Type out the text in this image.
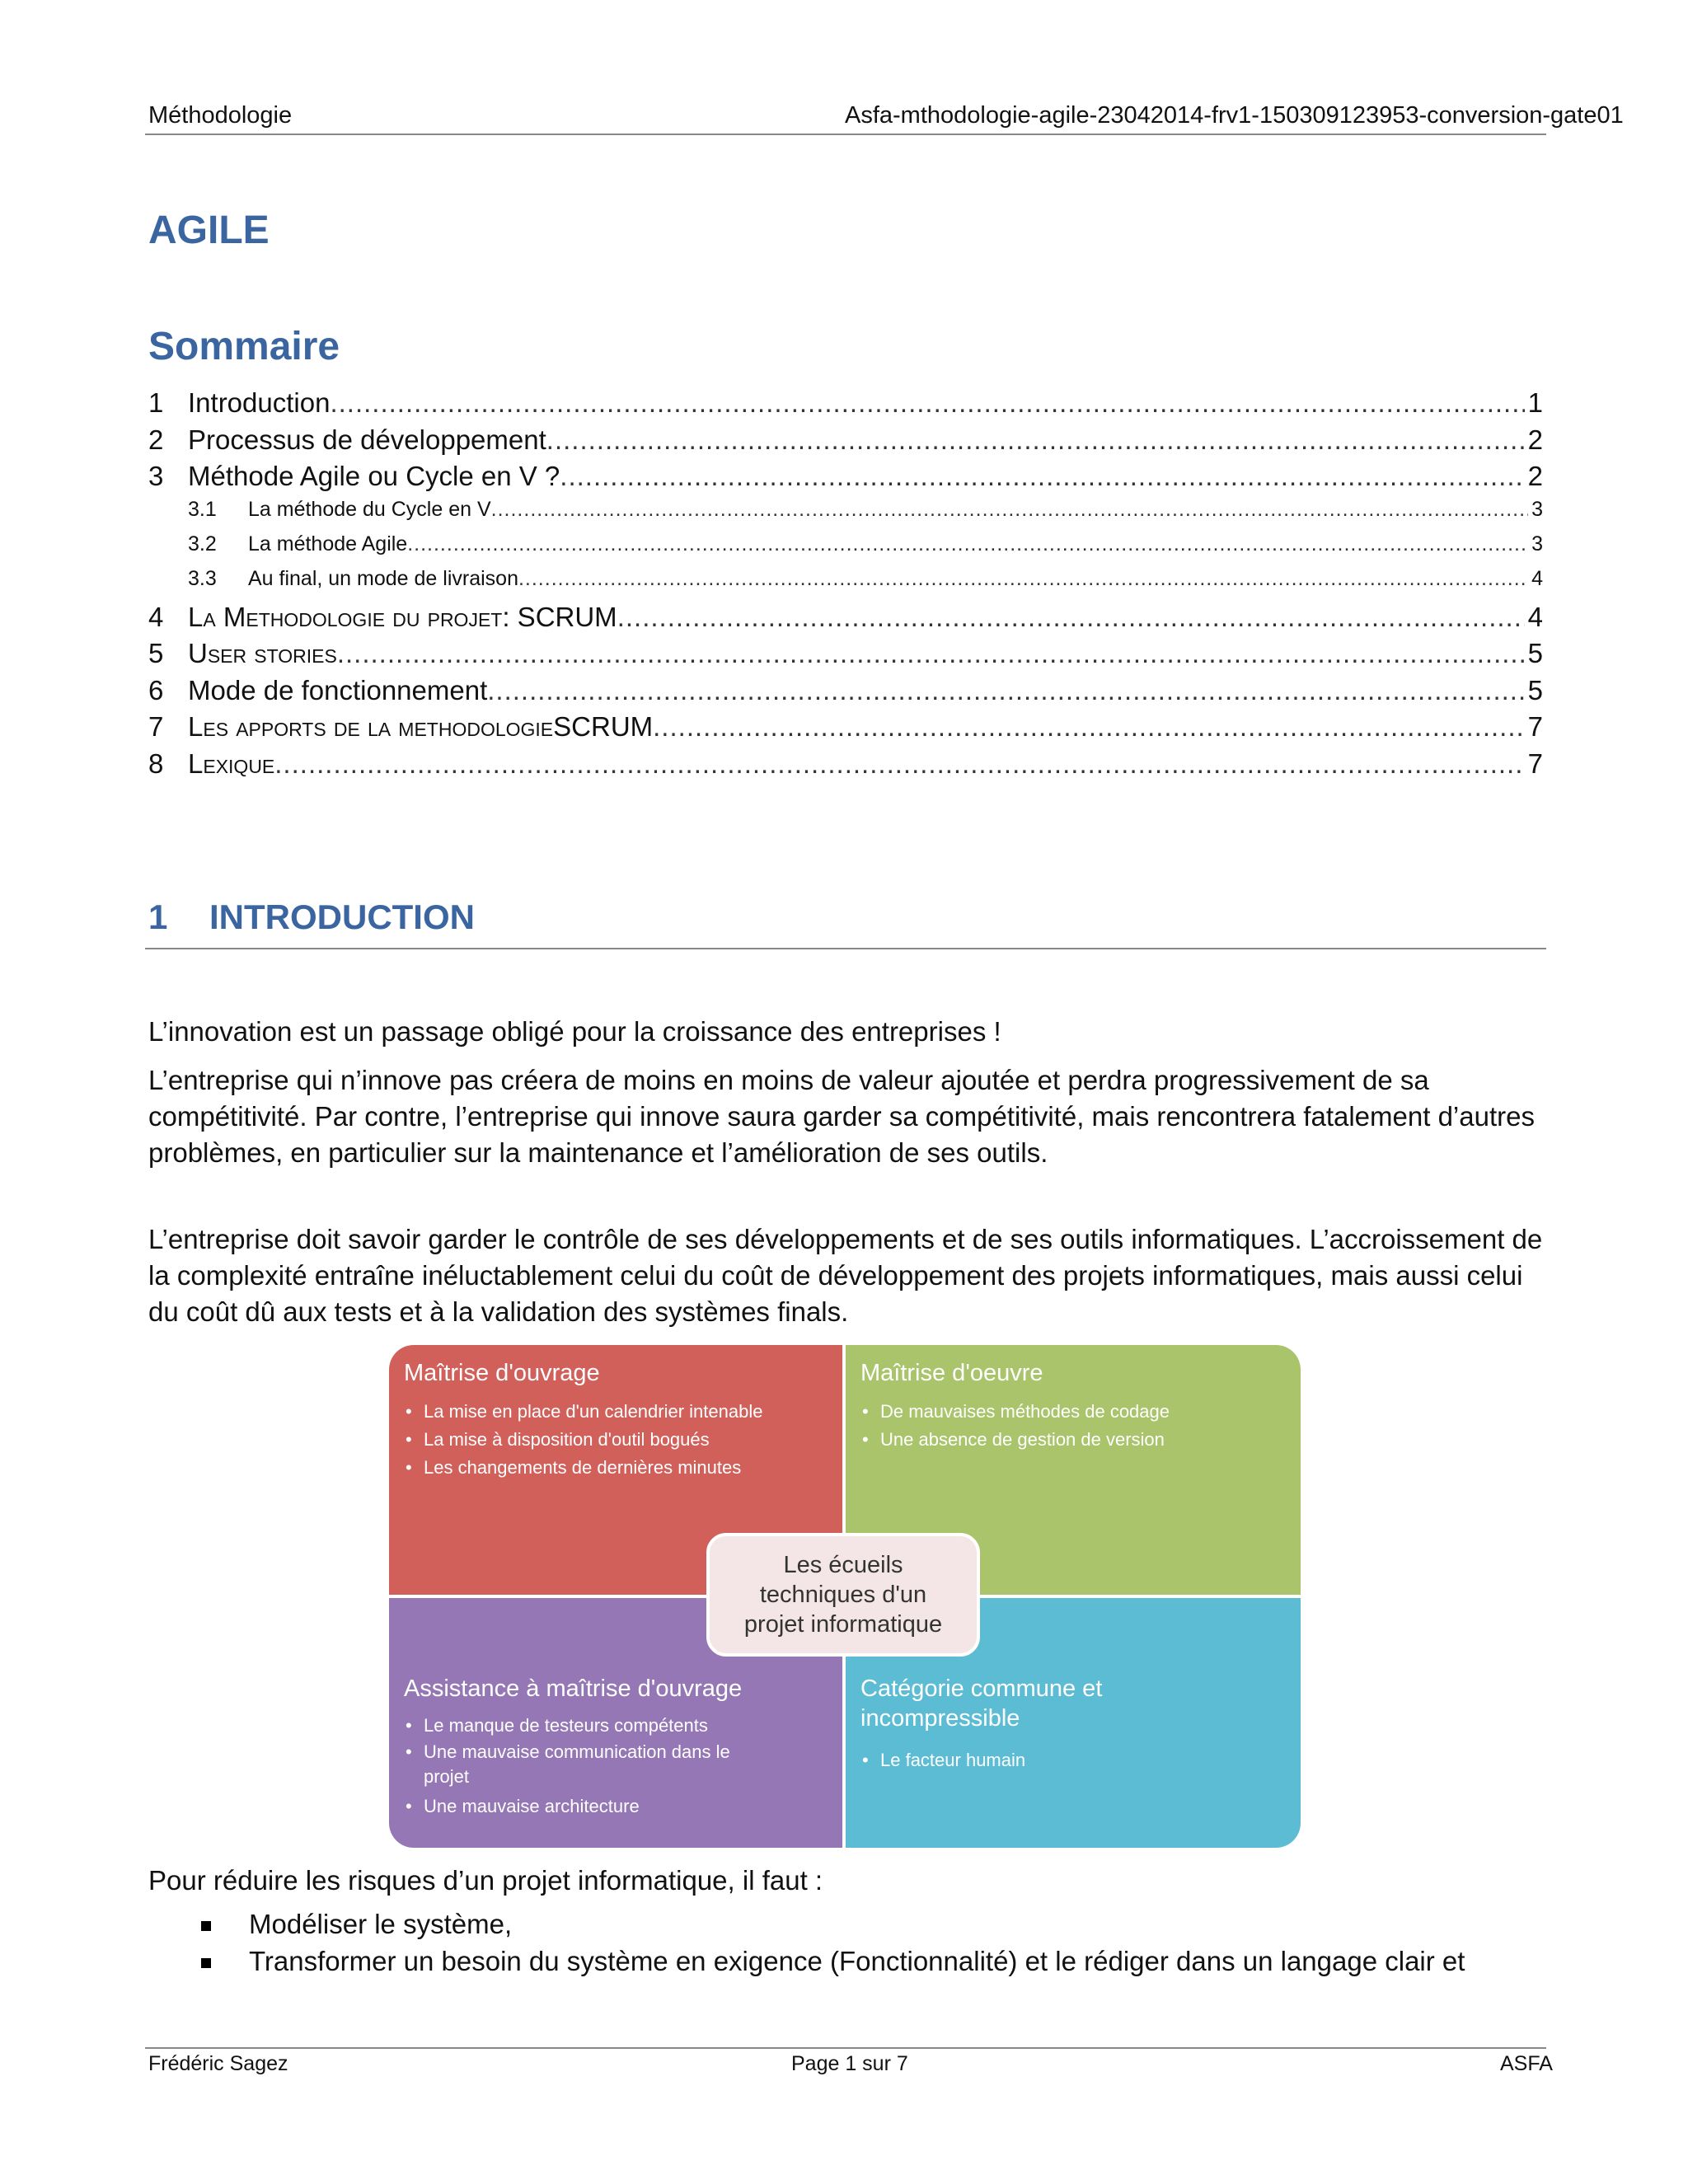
Méthodologie	Asfa-mthodologie-agile-23042014-frv1-150309123953-conversion-gate01
AGILE
Sommaire
1 Introduction .....	1
2 Processus de développement .....	2
3 Méthode Agile ou Cycle en V ? .....	2
3.1	La méthode du Cycle en V .....	3
3.2	La méthode Agile .....	3
3.3	Au final, un mode de livraison .....	4
4 La Methodologie du projet : SCRUM .....	4
5 User stories .....	5
6 Mode de fonctionnement .....	5
7 Les apports de la methodologie SCRUM .....	7
8 Lexique .....	7
1 INTRODUCTION
L’innovation est un passage obligé pour la croissance des entreprises !
L’entreprise qui n’innove pas créera de moins en moins de valeur ajoutée et perdra progressivement de sa compétitivité. Par contre, l’entreprise qui innove saura garder sa compétitivité, mais rencontrera fatalement d’autres problèmes, en particulier sur la maintenance et l’amélioration de ses outils.
L’entreprise doit savoir garder le contrôle de ses développements et de ses outils informatiques. L’accroissement de la complexité entraîne inéluctablement celui du coût de développement des projets informatiques, mais aussi celui du coût dû aux tests et à la validation des systèmes finals.
Maîtrise d'ouvrage
• La mise en place d'un calendrier intenable
• La mise à disposition d'outil bogués
• Les changements de dernières minutes
Maîtrise d'oeuvre
• De mauvaises méthodes de codage
• Une absence de gestion de version
Assistance à maîtrise d'ouvrage
• Le manque de testeurs compétents
• Une mauvaise communication dans le projet
• Une mauvaise architecture
Catégorie commune et incompressible
• Le facteur humain
Les écueils techniques d'un projet informatique
Pour réduire les risques d’un projet informatique, il faut :
Modéliser le système,
Transformer un besoin du système en exigence (Fonctionnalité) et le rédiger dans un langage clair et
Frédéric Sagez	Page 1 sur 7	ASFA
